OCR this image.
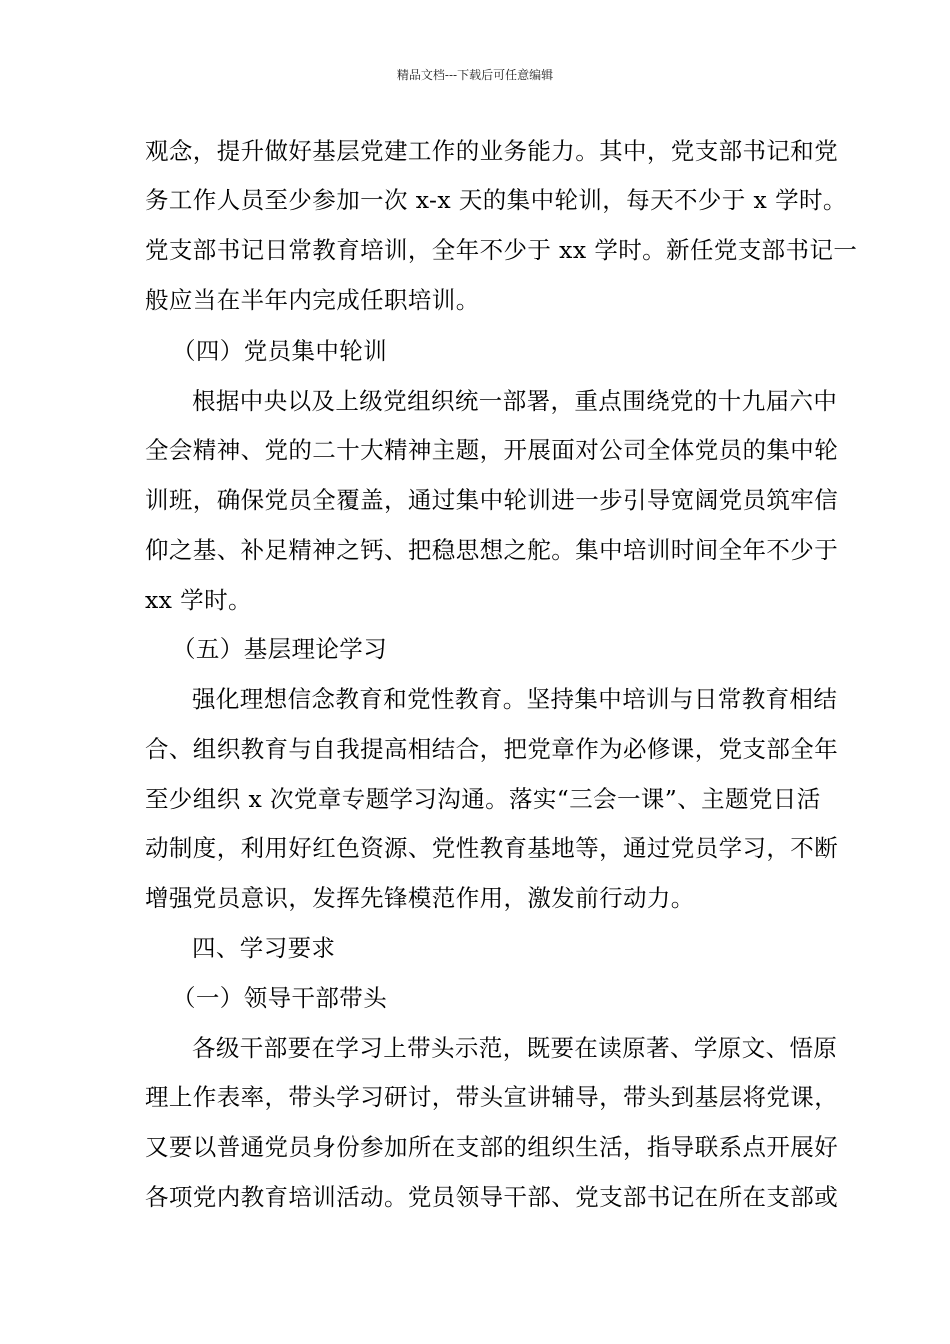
精品文档---下载后可任意编辑
观念，提升做好基层党建工作的业务能力。其中，党支部书记和党
务工作人员至少参加一次 x-x 天的集中轮训，每天不少于 x 学时。
党支部书记日常教育培训，全年不少于 xx 学时。新任党支部书记一
般应当在半年内完成任职培训。
（四）党员集中轮训
根据中央以及上级党组织统一部署，重点围绕党的十九届六中
全会精神、党的二十大精神主题，开展面对公司全体党员的集中轮
训班，确保党员全覆盖，通过集中轮训进一步引导宽阔党员筑牢信
仰之基、补足精神之钙、把稳思想之舵。集中培训时间全年不少于
xx 学时。
（五）基层理论学习
强化理想信念教育和党性教育。坚持集中培训与日常教育相结
合、组织教育与自我提高相结合，把党章作为必修课，党支部全年
至少组织 x 次党章专题学习沟通。落实“三会一课”、主题党日活
动制度，利用好红色资源、党性教育基地等，通过党员学习，不断
增强党员意识，发挥先锋模范作用，激发前行动力。
四、学习要求
（一）领导干部带头
各级干部要在学习上带头示范，既要在读原著、学原文、悟原
理上作表率，带头学习研讨，带头宣讲辅导，带头到基层将党课，
又要以普通党员身份参加所在支部的组织生活，指导联系点开展好
各项党内教育培训活动。党员领导干部、党支部书记在所在支部或
